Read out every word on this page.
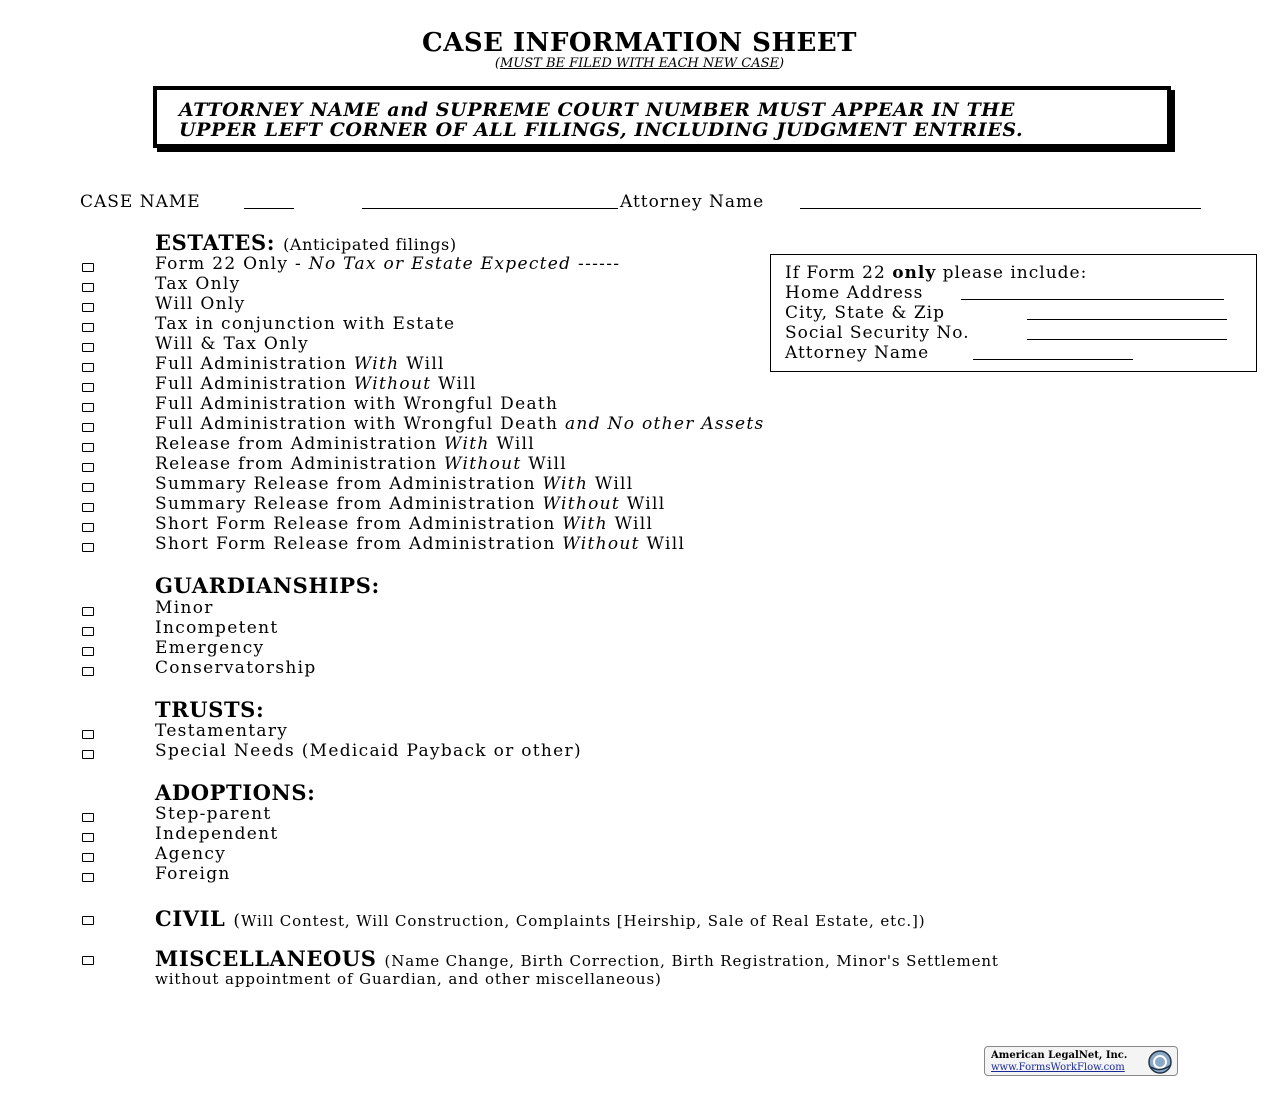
CASE INFORMATION SHEET
(MUST BE FILED WITH EACH NEW CASE)
ATTORNEY NAME and SUPREME COURT NUMBER MUST APPEAR IN THE
UPPER LEFT CORNER OF ALL FILINGS, INCLUDING JUDGMENT ENTRIES.
CASE NAME	Attorney Name
ESTATES: (Anticipated filings)
Form 22 Only - No Tax or Estate Expected ------
Tax Only
Will Only
Tax in conjunction with Estate
Will & Tax Only
Full Administration With Will
Full Administration Without Will
Full Administration with Wrongful Death
Full Administration with Wrongful Death and No other Assets
Release from Administration With Will
Release from Administration Without Will
Summary Release from Administration With Will
Summary Release from Administration Without Will
Short Form Release from Administration With Will
Short Form Release from Administration Without Will
If Form 22 only please include:
Home Address
City, State & Zip
Social Security No.
Attorney Name
GUARDIANSHIPS:
Minor
Incompetent
Emergency
Conservatorship
TRUSTS:
Testamentary
Special Needs (Medicaid Payback or other)
ADOPTIONS:
Step-parent
Independent
Agency
Foreign
CIVIL (Will Contest, Will Construction, Complaints [Heirship, Sale of Real Estate, etc.])
MISCELLANEOUS (Name Change, Birth Correction, Birth Registration, Minor's Settlement
without appointment of Guardian, and other miscellaneous)
American LegalNet, Inc.
www.FormsWorkFlow.com
